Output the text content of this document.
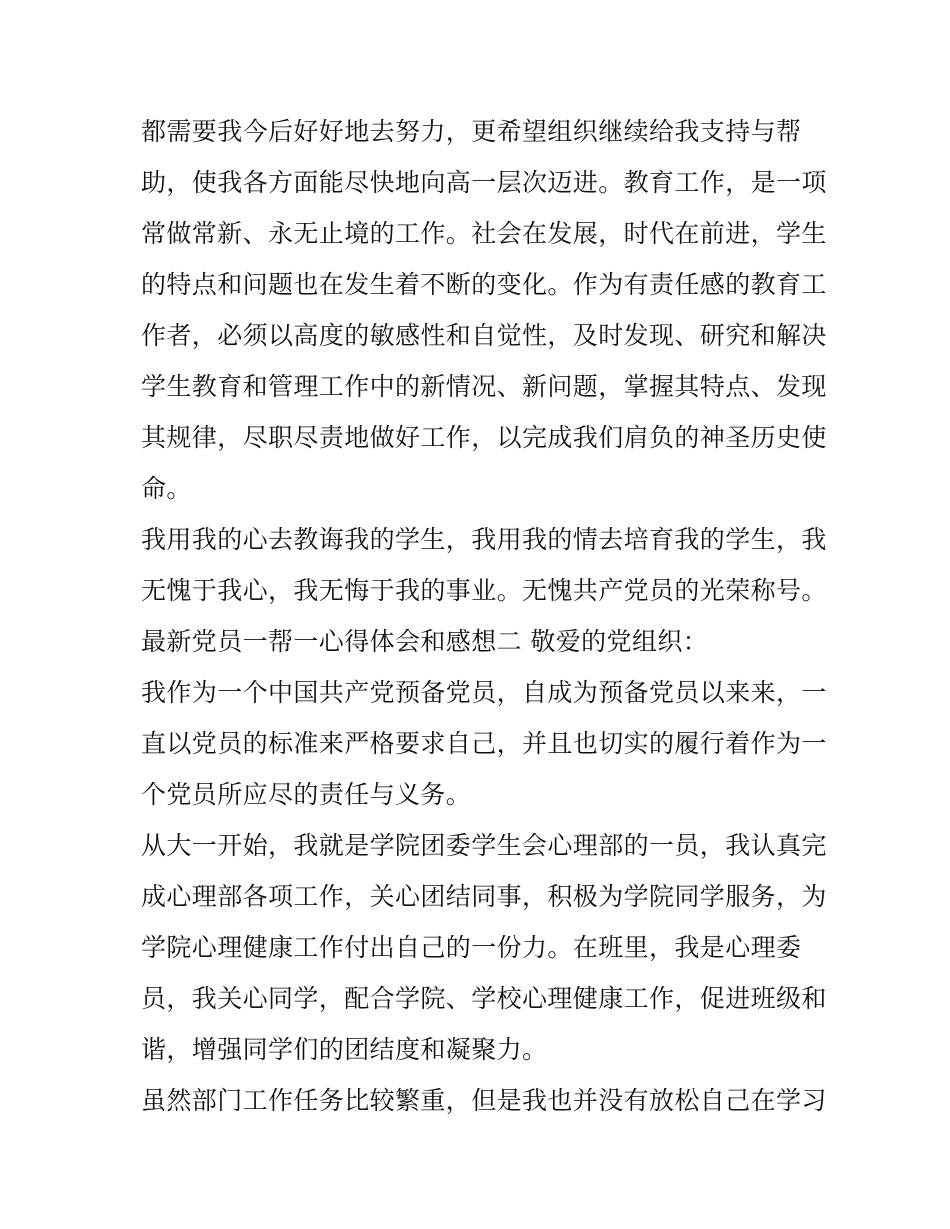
都需要我今后好好地去努力，更希望组织继续给我支持与帮
助，使我各方面能尽快地向高一层次迈进。教育工作，是一项
常做常新、永无止境的工作。社会在发展，时代在前进，学生
的特点和问题也在发生着不断的变化。作为有责任感的教育工
作者，必须以高度的敏感性和自觉性，及时发现、研究和解决
学生教育和管理工作中的新情况、新问题，掌握其特点、发现
其规律，尽职尽责地做好工作，以完成我们肩负的神圣历史使
命。
我用我的心去教诲我的学生，我用我的情去培育我的学生，我
无愧于我心，我无悔于我的事业。无愧共产党员的光荣称号。
最新党员一帮一心得体会和感想二 敬爱的党组织：
我作为一个中国共产党预备党员，自成为预备党员以来来，一
直以党员的标准来严格要求自己，并且也切实的履行着作为一
个党员所应尽的责任与义务。
从大一开始，我就是学院团委学生会心理部的一员，我认真完
成心理部各项工作，关心团结同事，积极为学院同学服务，为
学院心理健康工作付出自己的一份力。在班里，我是心理委
员，我关心同学，配合学院、学校心理健康工作，促进班级和
谐，增强同学们的团结度和凝聚力。
虽然部门工作任务比较繁重，但是我也并没有放松自己在学习
